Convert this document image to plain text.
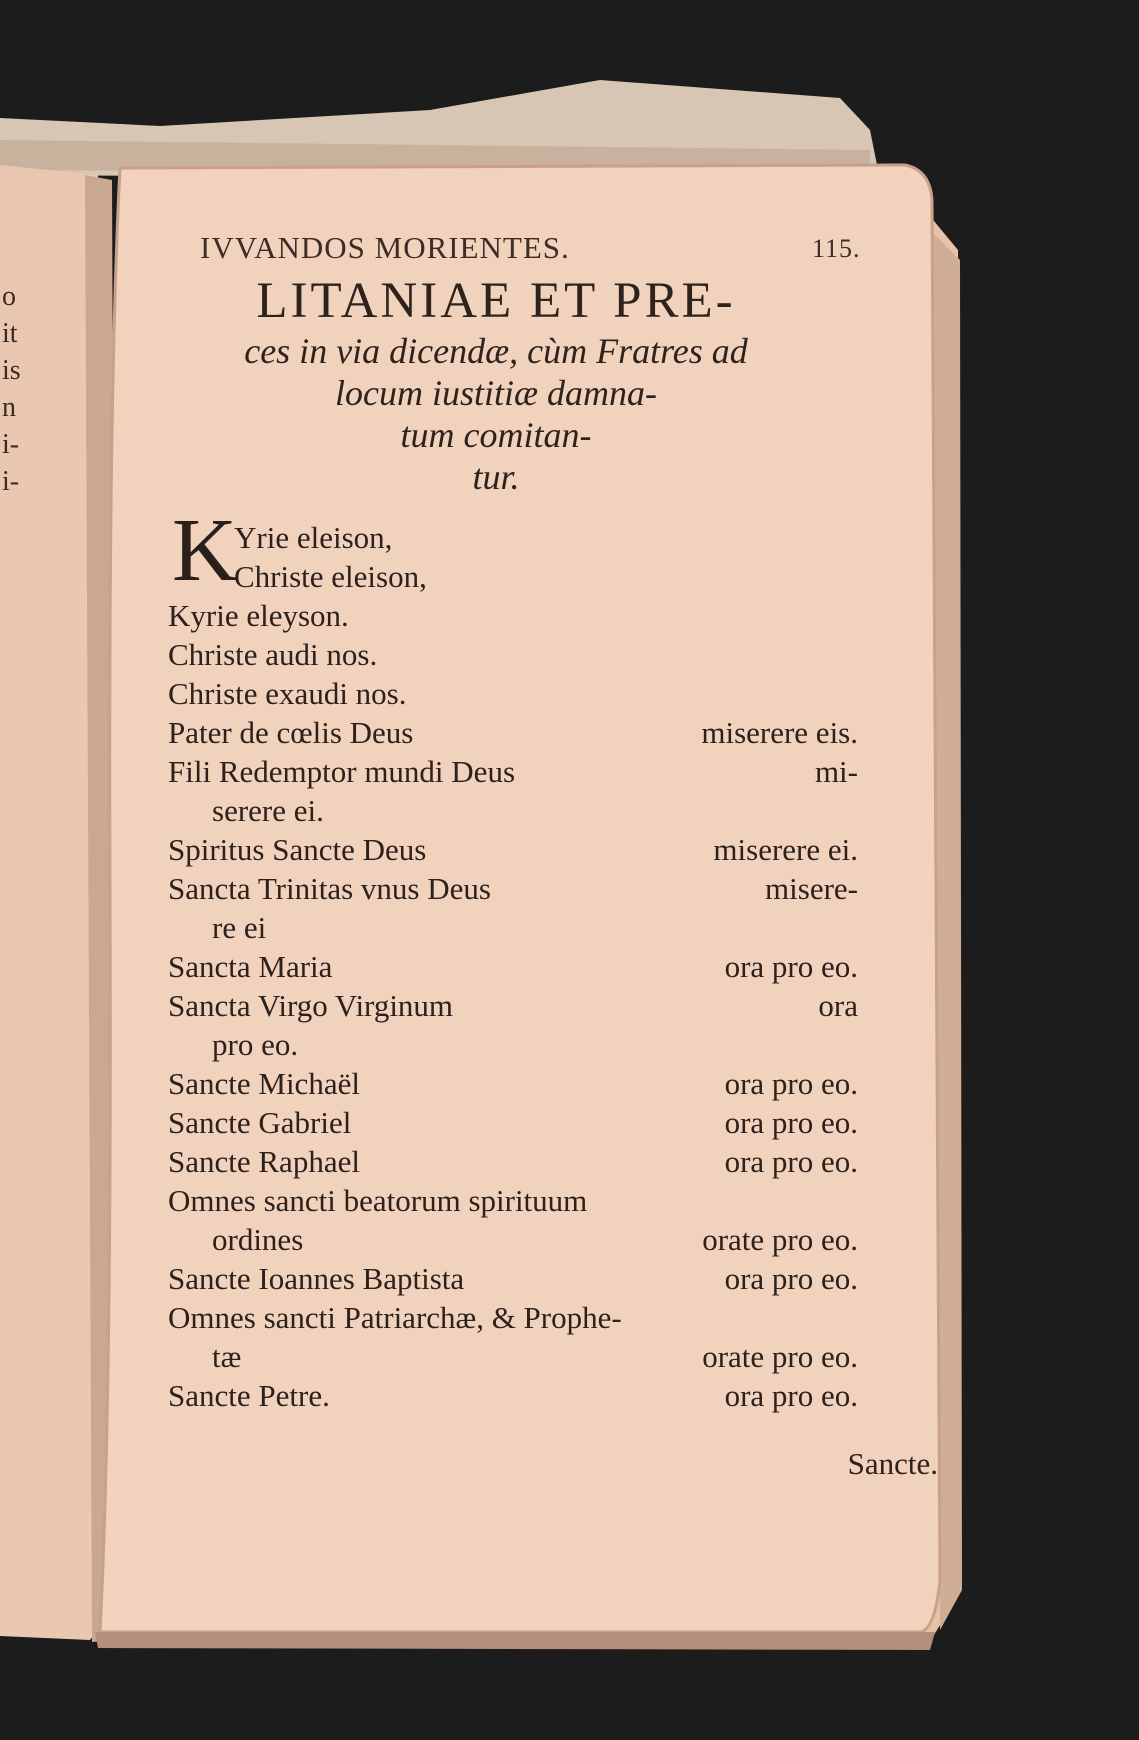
o
it
is
n
i-
i-
IVVANDOS MORIENTES.	115.
LITANIAE ET PRE-
ces in via dicendæ, cùm Fratres ad
locum iustitiæ damna-
tum comitan-
tur.
K
Yrie eleison,
Christe eleison,
Kyrie eleyson.
Christe audi nos.
Christe exaudi nos.
Pater de cœlis Deus	miserere eis.
Fili Redemptor mundi Deus	mi-
serere ei.
Spiritus Sancte Deus	miserere ei.
Sancta Trinitas vnus Deus	misere-
re ei
Sancta Maria	ora pro eo.
Sancta Virgo Virginum	ora
pro eo.
Sancte Michaël	ora pro eo.
Sancte Gabriel	ora pro eo.
Sancte Raphael	ora pro eo.
Omnes sancti beatorum spirituum
ordines	orate pro eo.
Sancte Ioannes Baptista	ora pro eo.
Omnes sancti Patriarchæ, & Prophe-
tæ	orate pro eo.
Sancte Petre.	ora pro eo.
Sancte.
